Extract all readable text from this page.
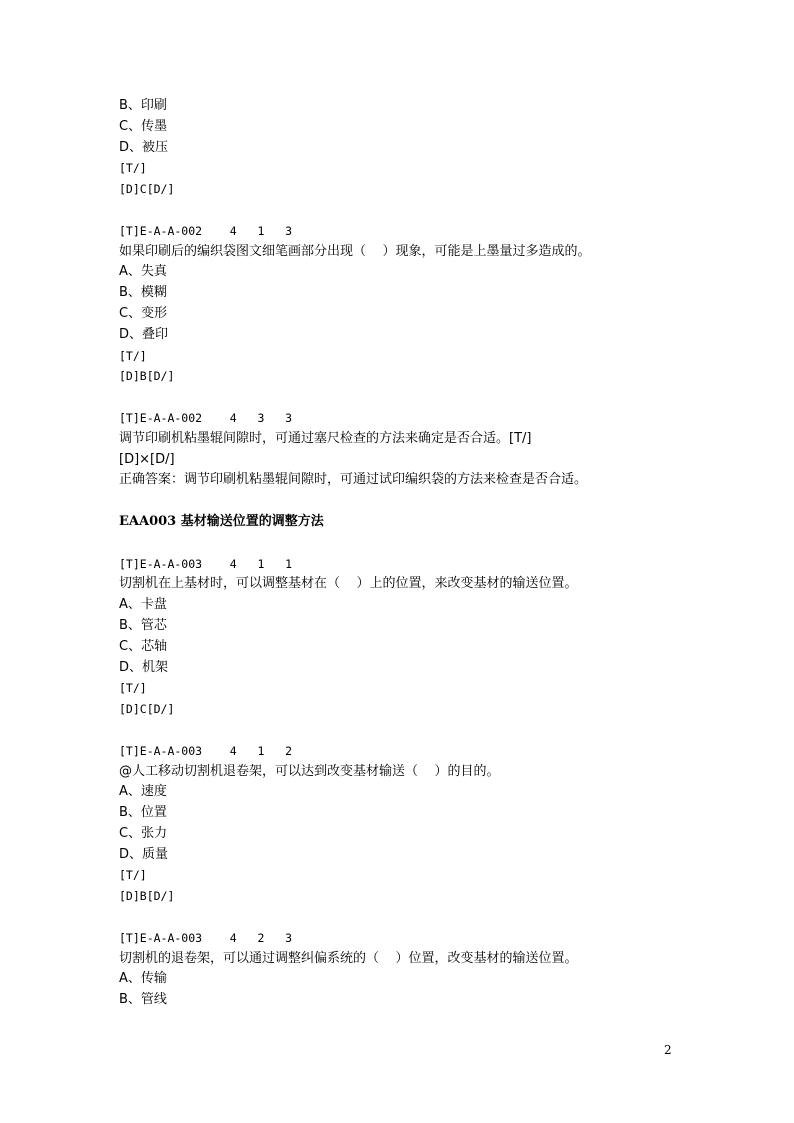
B、印刷
C、传墨
D、被压
[T/]
[D]C[D/]
[T]E-A-A-002    4   1   3
如果印刷后的编织袋图文细笔画部分出现（    ）现象，可能是上墨量过多造成的。
A、失真
B、模糊
C、变形
D、叠印
[T/]
[D]B[D/]
[T]E-A-A-002    4   3   3
调节印刷机粘墨辊间隙时，可通过塞尺检查的方法来确定是否合适。[T/]
[D]×[D/]
正确答案：调节印刷机粘墨辊间隙时，可通过试印编织袋的方法来检查是否合适。
EAA003 基材输送位置的调整方法
[T]E-A-A-003    4   1   1
切割机在上基材时，可以调整基材在（    ）上的位置，来改变基材的输送位置。
A、卡盘
B、管芯
C、芯轴
D、机架
[T/]
[D]C[D/]
[T]E-A-A-003    4   1   2
@人工移动切割机退卷架，可以达到改变基材输送（    ）的目的。
A、速度
B、位置
C、张力
D、质量
[T/]
[D]B[D/]
[T]E-A-A-003    4   2   3
切割机的退卷架，可以通过调整纠偏系统的（    ）位置，改变基材的输送位置。
A、传输
B、管线
2
